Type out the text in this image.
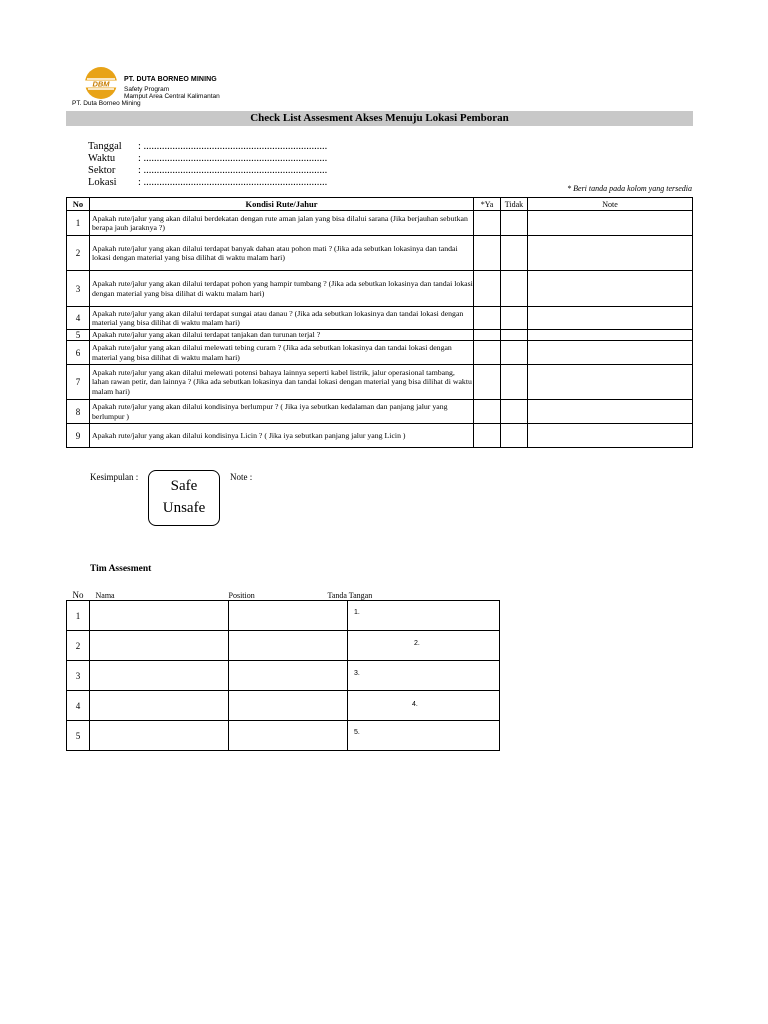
DBM
PT. DUTA BORNEO MINING
Safety Program
Mamput Area Central Kalimantan
PT. Duta Borneo Mining
Check List Assesment Akses Menuju Lokasi Pemboran
Tanggal : ......................................................................
Waktu : ......................................................................
Sektor : ......................................................................
Lokasi : ......................................................................
* Beri tanda pada kolom yang tersedia
No	Kondisi Rute/Jahur	*Ya	Tidak	Note
1	Apakah rute/jalur yang akan dilalui berdekatan dengan rute aman jalan yang bisa dilalui sarana (Jika berjauhan sebutkan berapa jauh jaraknya ?)			
2	Apakah rute/jalur yang akan dilalui terdapat banyak dahan atau pohon mati ? (Jika ada sebutkan lokasinya dan tandai lokasi dengan material yang bisa dilihat di waktu malam hari)			
3	Apakah rute/jalur yang akan dilalui terdapat pohon yang hampir tumbang ? (Jika ada sebutkan lokasinya dan tandai lokasi dengan material yang bisa dilihat di waktu malam hari)			
4	Apakah rute/jalur yang akan dilalui terdapat sungai atau danau ? (Jika ada sebutkan lokasinya dan tandai lokasi dengan material yang bisa dilihat di waktu malam hari)			
5	Apakah rute/jalur yang akan dilalui terdapat tanjakan dan turunan terjal ?			
6	Apakah rute/jalur yang akan dilalui melewati tebing curam ? (Jika ada sebutkan lokasinya dan tandai lokasi dengan material yang bisa dilihat di waktu malam hari)			
7	Apakah rute/jalur yang akan dilalui melewati potensi bahaya lainnya seperti kabel listrik, jalur operasional tambang, lahan rawan petir, dan lainnya ? (Jika ada sebutkan lokasinya dan tandai lokasi dengan material yang bisa dilihat di waktu malam hari)			
8	Apakah rute/jalur yang akan dilalui kondisinya berlumpur ? ( Jika iya sebutkan kedalaman dan panjang jalur yang berlumpur )			
9	Apakah rute/jalur yang akan dilalui kondisinya Licin ? ( Jika iya sebutkan panjang jalur yang Licin )			
Kesimpulan :
Safe
Unsafe
Note :
Tim Assesment
No	Nama	Position	Tanda Tangan
1			1.

2			2.

3			3.

4			4.

5			5.
